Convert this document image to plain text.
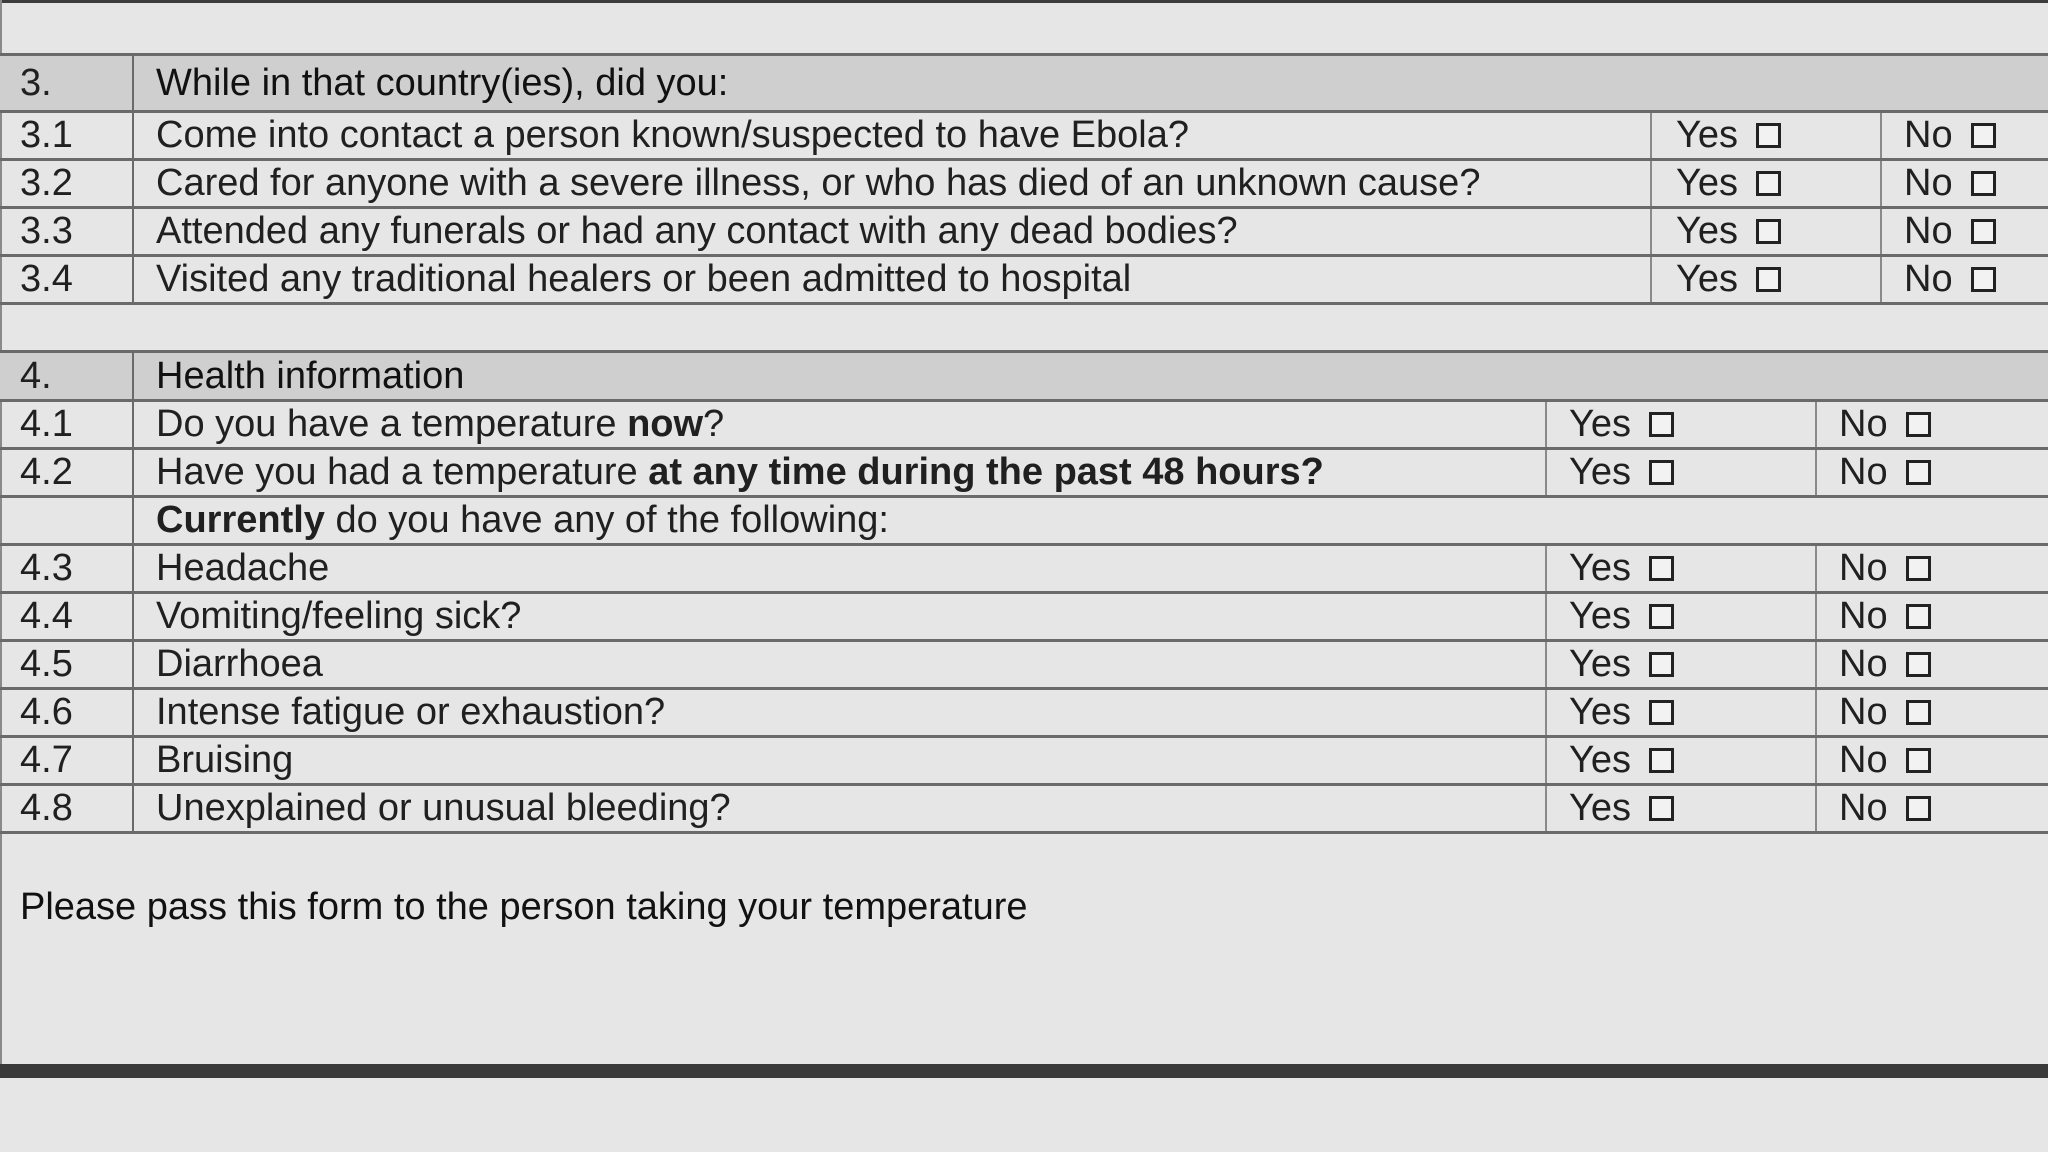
3.	While in that country(ies), did you:
3.1	Come into contact a person known/suspected to have Ebola?	Yes	No
3.2	Cared for anyone with a severe illness, or who has died of an unknown cause?	Yes	No
3.3	Attended any funerals or had any contact with any dead bodies?	Yes	No
3.4	Visited any traditional healers or been admitted to hospital	Yes	No
4.	Health information
4.1	Do you have a temperature now ?	Yes	No
4.2	Have you had a temperature at any time during the past 48 hours?	Yes	No
Currently do you have any of the following:
4.3	Headache	Yes	No
4.4	Vomiting/feeling sick?	Yes	No
4.5	Diarrhoea	Yes	No
4.6	Intense fatigue or exhaustion?	Yes	No
4.7	Bruising	Yes	No
4.8	Unexplained or unusual bleeding?	Yes	No
Please pass this form to the person taking your temperature
